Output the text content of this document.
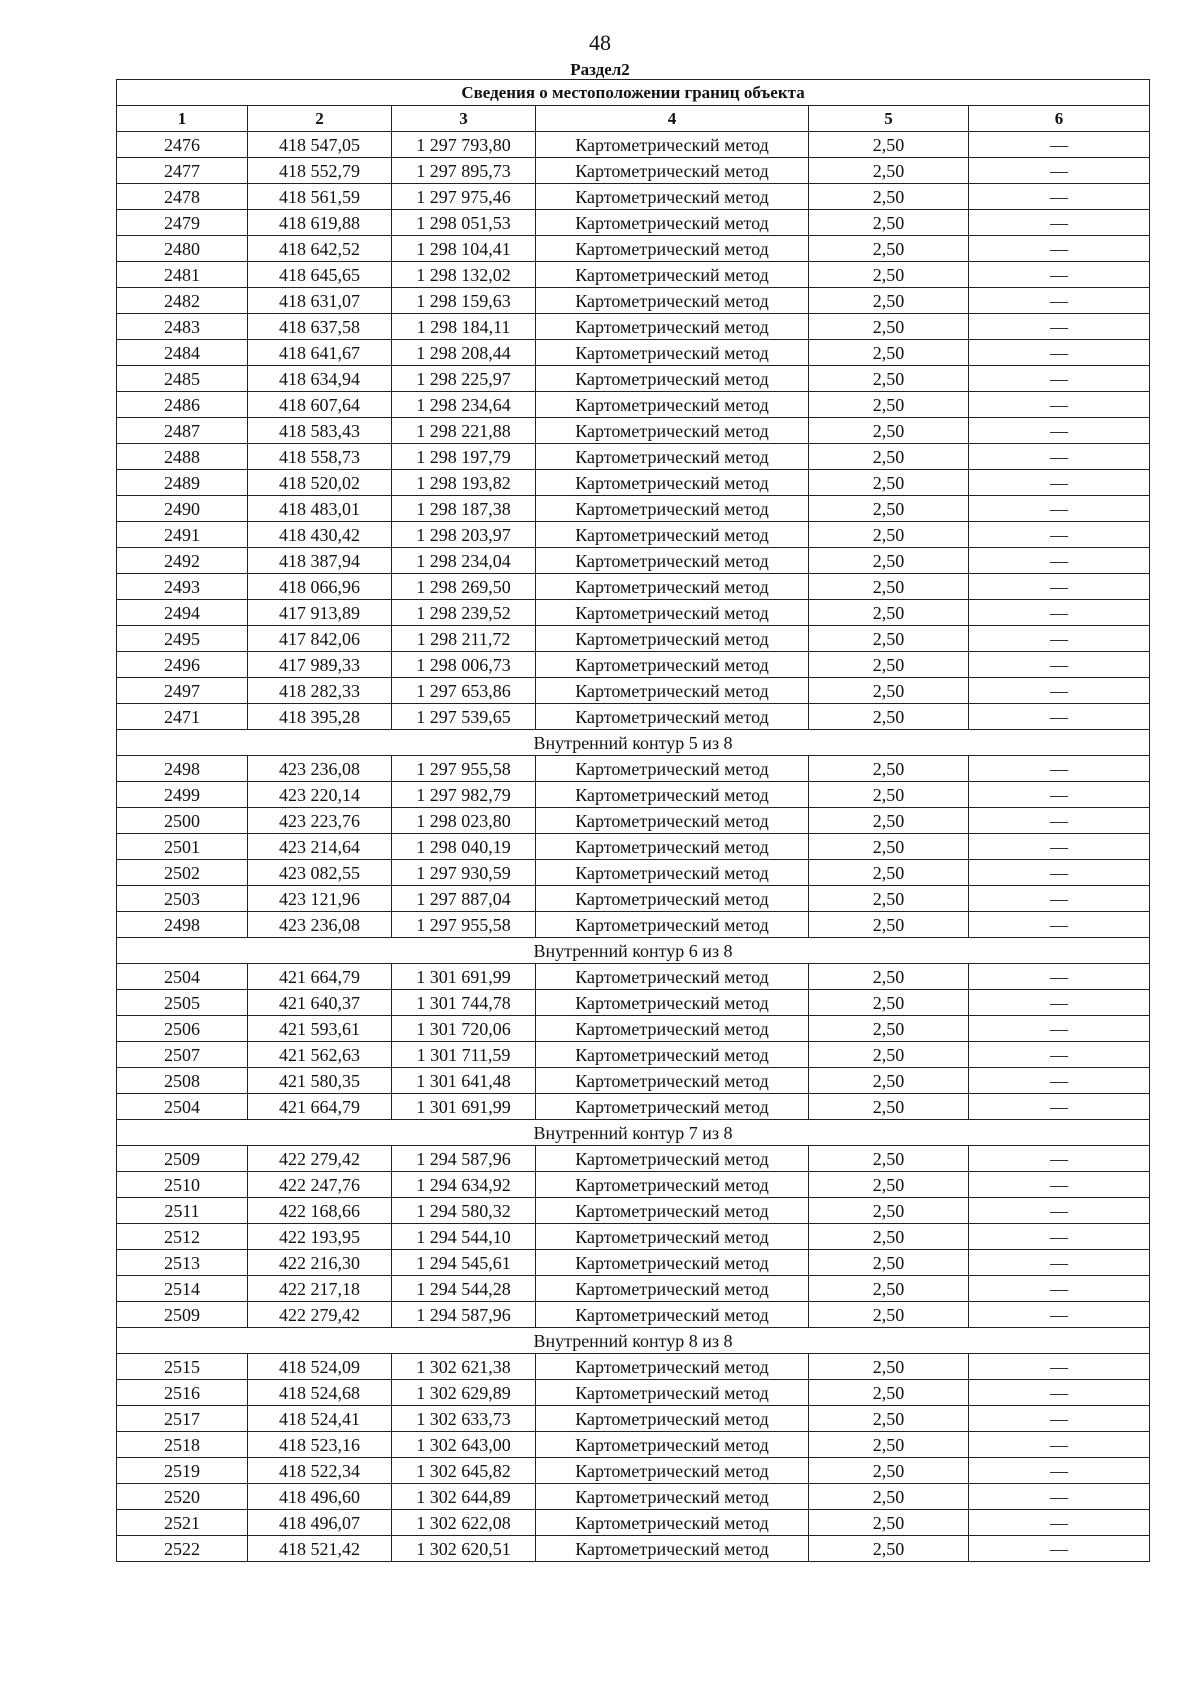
48
Раздел2
Сведения о местоположении границ объекта					
1	2	3	4	5	6
2476	418 547,05	1 297 793,80	Картометрический метод	2,50	—
2477	418 552,79	1 297 895,73	Картометрический метод	2,50	—
2478	418 561,59	1 297 975,46	Картометрический метод	2,50	—
2479	418 619,88	1 298 051,53	Картометрический метод	2,50	—
2480	418 642,52	1 298 104,41	Картометрический метод	2,50	—
2481	418 645,65	1 298 132,02	Картометрический метод	2,50	—
2482	418 631,07	1 298 159,63	Картометрический метод	2,50	—
2483	418 637,58	1 298 184,11	Картометрический метод	2,50	—
2484	418 641,67	1 298 208,44	Картометрический метод	2,50	—
2485	418 634,94	1 298 225,97	Картометрический метод	2,50	—
2486	418 607,64	1 298 234,64	Картометрический метод	2,50	—
2487	418 583,43	1 298 221,88	Картометрический метод	2,50	—
2488	418 558,73	1 298 197,79	Картометрический метод	2,50	—
2489	418 520,02	1 298 193,82	Картометрический метод	2,50	—
2490	418 483,01	1 298 187,38	Картометрический метод	2,50	—
2491	418 430,42	1 298 203,97	Картометрический метод	2,50	—
2492	418 387,94	1 298 234,04	Картометрический метод	2,50	—
2493	418 066,96	1 298 269,50	Картометрический метод	2,50	—
2494	417 913,89	1 298 239,52	Картометрический метод	2,50	—
2495	417 842,06	1 298 211,72	Картометрический метод	2,50	—
2496	417 989,33	1 298 006,73	Картометрический метод	2,50	—
2497	418 282,33	1 297 653,86	Картометрический метод	2,50	—
2471	418 395,28	1 297 539,65	Картометрический метод	2,50	—
Внутренний контур 5 из 8					
2498	423 236,08	1 297 955,58	Картометрический метод	2,50	—
2499	423 220,14	1 297 982,79	Картометрический метод	2,50	—
2500	423 223,76	1 298 023,80	Картометрический метод	2,50	—
2501	423 214,64	1 298 040,19	Картометрический метод	2,50	—
2502	423 082,55	1 297 930,59	Картометрический метод	2,50	—
2503	423 121,96	1 297 887,04	Картометрический метод	2,50	—
2498	423 236,08	1 297 955,58	Картометрический метод	2,50	—
Внутренний контур 6 из 8					
2504	421 664,79	1 301 691,99	Картометрический метод	2,50	—
2505	421 640,37	1 301 744,78	Картометрический метод	2,50	—
2506	421 593,61	1 301 720,06	Картометрический метод	2,50	—
2507	421 562,63	1 301 711,59	Картометрический метод	2,50	—
2508	421 580,35	1 301 641,48	Картометрический метод	2,50	—
2504	421 664,79	1 301 691,99	Картометрический метод	2,50	—
Внутренний контур 7 из 8					
2509	422 279,42	1 294 587,96	Картометрический метод	2,50	—
2510	422 247,76	1 294 634,92	Картометрический метод	2,50	—
2511	422 168,66	1 294 580,32	Картометрический метод	2,50	—
2512	422 193,95	1 294 544,10	Картометрический метод	2,50	—
2513	422 216,30	1 294 545,61	Картометрический метод	2,50	—
2514	422 217,18	1 294 544,28	Картометрический метод	2,50	—
2509	422 279,42	1 294 587,96	Картометрический метод	2,50	—
Внутренний контур 8 из 8					
2515	418 524,09	1 302 621,38	Картометрический метод	2,50	—
2516	418 524,68	1 302 629,89	Картометрический метод	2,50	—
2517	418 524,41	1 302 633,73	Картометрический метод	2,50	—
2518	418 523,16	1 302 643,00	Картометрический метод	2,50	—
2519	418 522,34	1 302 645,82	Картометрический метод	2,50	—
2520	418 496,60	1 302 644,89	Картометрический метод	2,50	—
2521	418 496,07	1 302 622,08	Картометрический метод	2,50	—
2522	418 521,42	1 302 620,51	Картометрический метод	2,50	—
